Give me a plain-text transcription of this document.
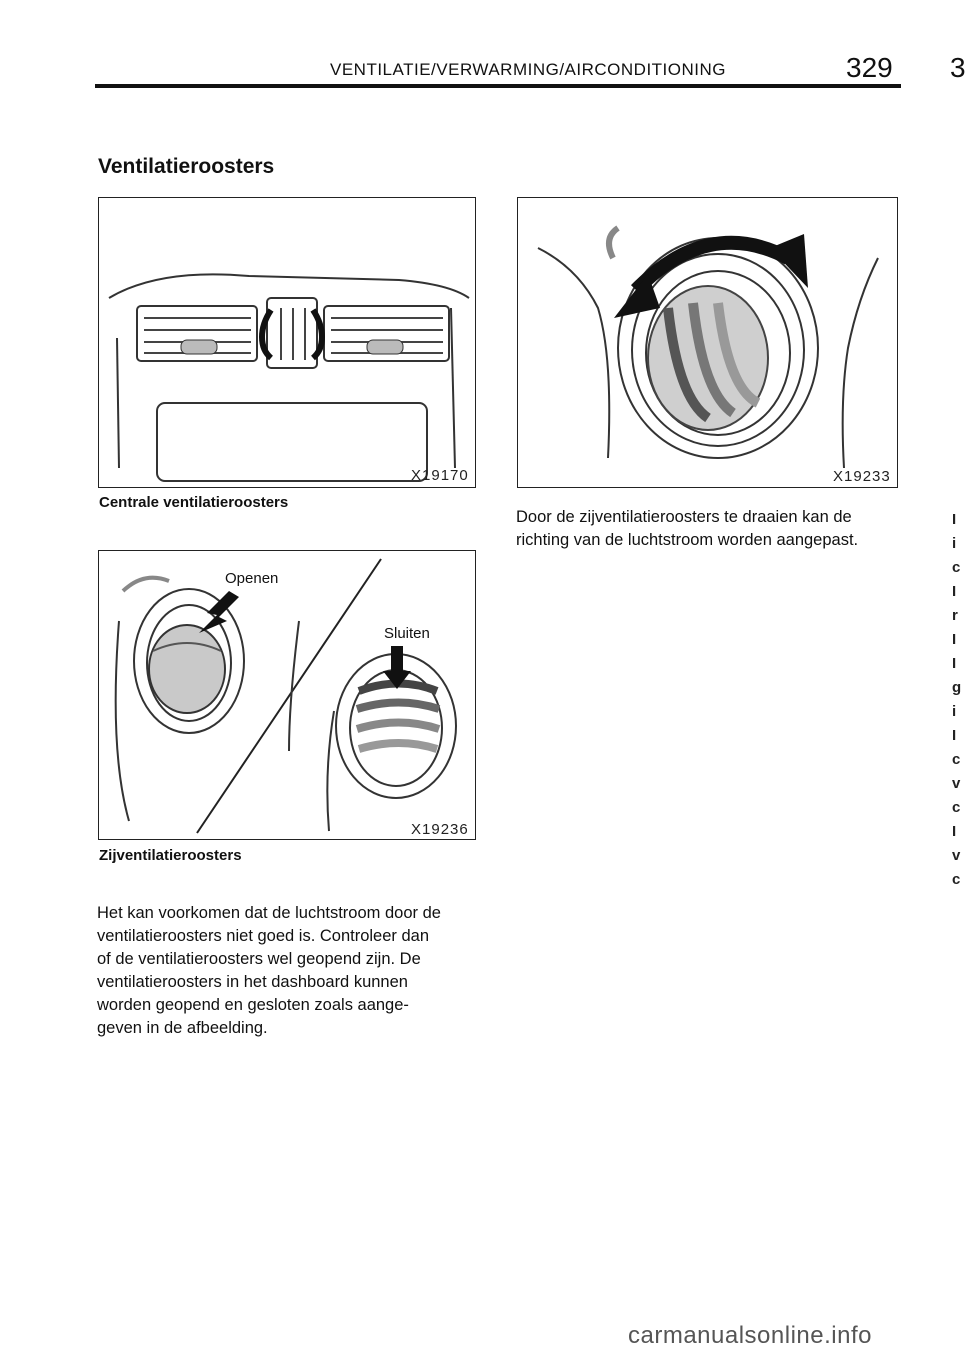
VENTILATIE/VERWARMING/AIRCONDITIONING	329 3
Ventilatieroosters
X19170
Centrale ventilatieroosters
Openen
Sluiten
X19236
Zijventilatieroosters
X19233
Het kan voorkomen dat de luchtstroom door de
ventilatieroosters niet goed is. Controleer dan
of de ventilatieroosters wel geopend zijn. De
ventilatieroosters in het dashboard kunnen
worden geopend en gesloten zoals aange-
geven in de afbeelding.
Door de zijventilatieroosters te draaien kan de
richting van de luchtstroom worden aangepast.
I
i
c
I
r
I
I
g
i
I
c
v
c
I
v
c
carmanualsonline.info
